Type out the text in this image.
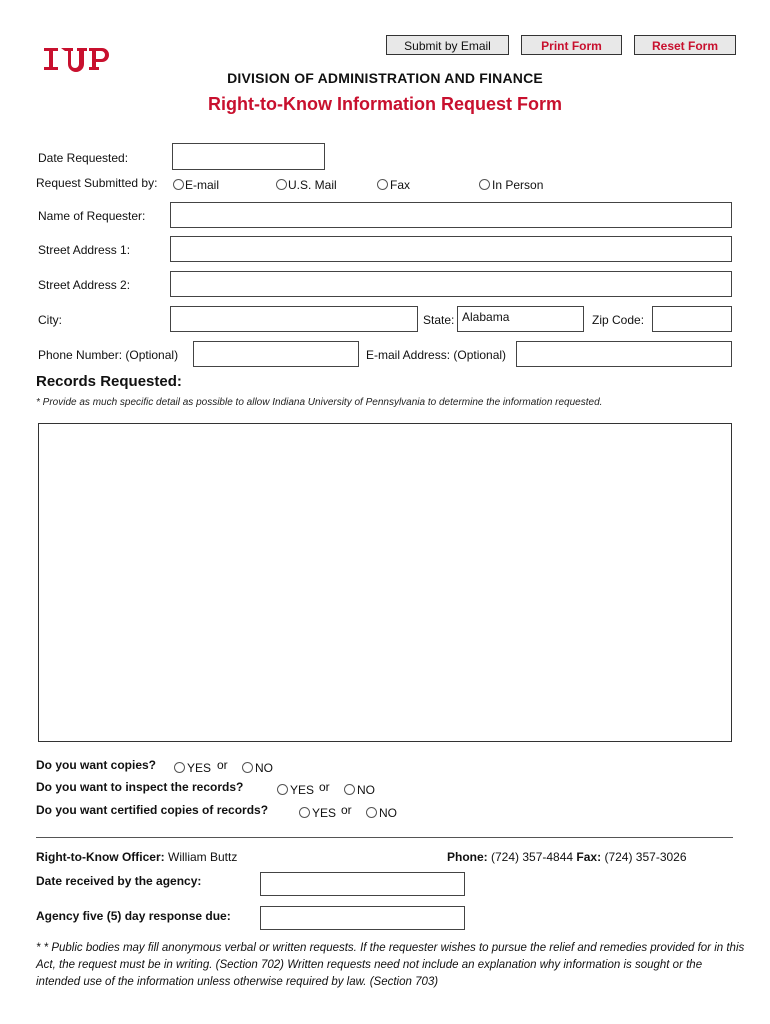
Submit by Email	Print Form	Reset Form
DIVISION OF ADMINISTRATION AND FINANCE
Right-to-Know Information Request Form
Date Requested:
Request Submitted by: E-mail	U.S. Mail	Fax	In Person
Name of Requester:
Street Address 1:
Street Address 2:
City:	State: Alabama	Zip Code:
Phone Number: (Optional)	E-mail Address: (Optional)
Records Requested:
* Provide as much specific detail as possible to allow Indiana University of Pennsylvania to determine the information requested.
Do you want copies?	YES or NO
Do you want to inspect the records?	YES or NO
Do you want certified copies of records?	YES or NO
Right-to-Know Officer: William Buttz	Phone: (724) 357-4844 Fax: (724) 357-3026
Date received by the agency:
Agency five (5) day response due:
* * Public bodies may fill anonymous verbal or written requests. If the requester wishes to pursue the relief and remedies provided for in this Act, the request must be in writing. (Section 702) Written requests need not include an explanation why information is sought or the intended use of the information unless otherwise required by law. (Section 703)
